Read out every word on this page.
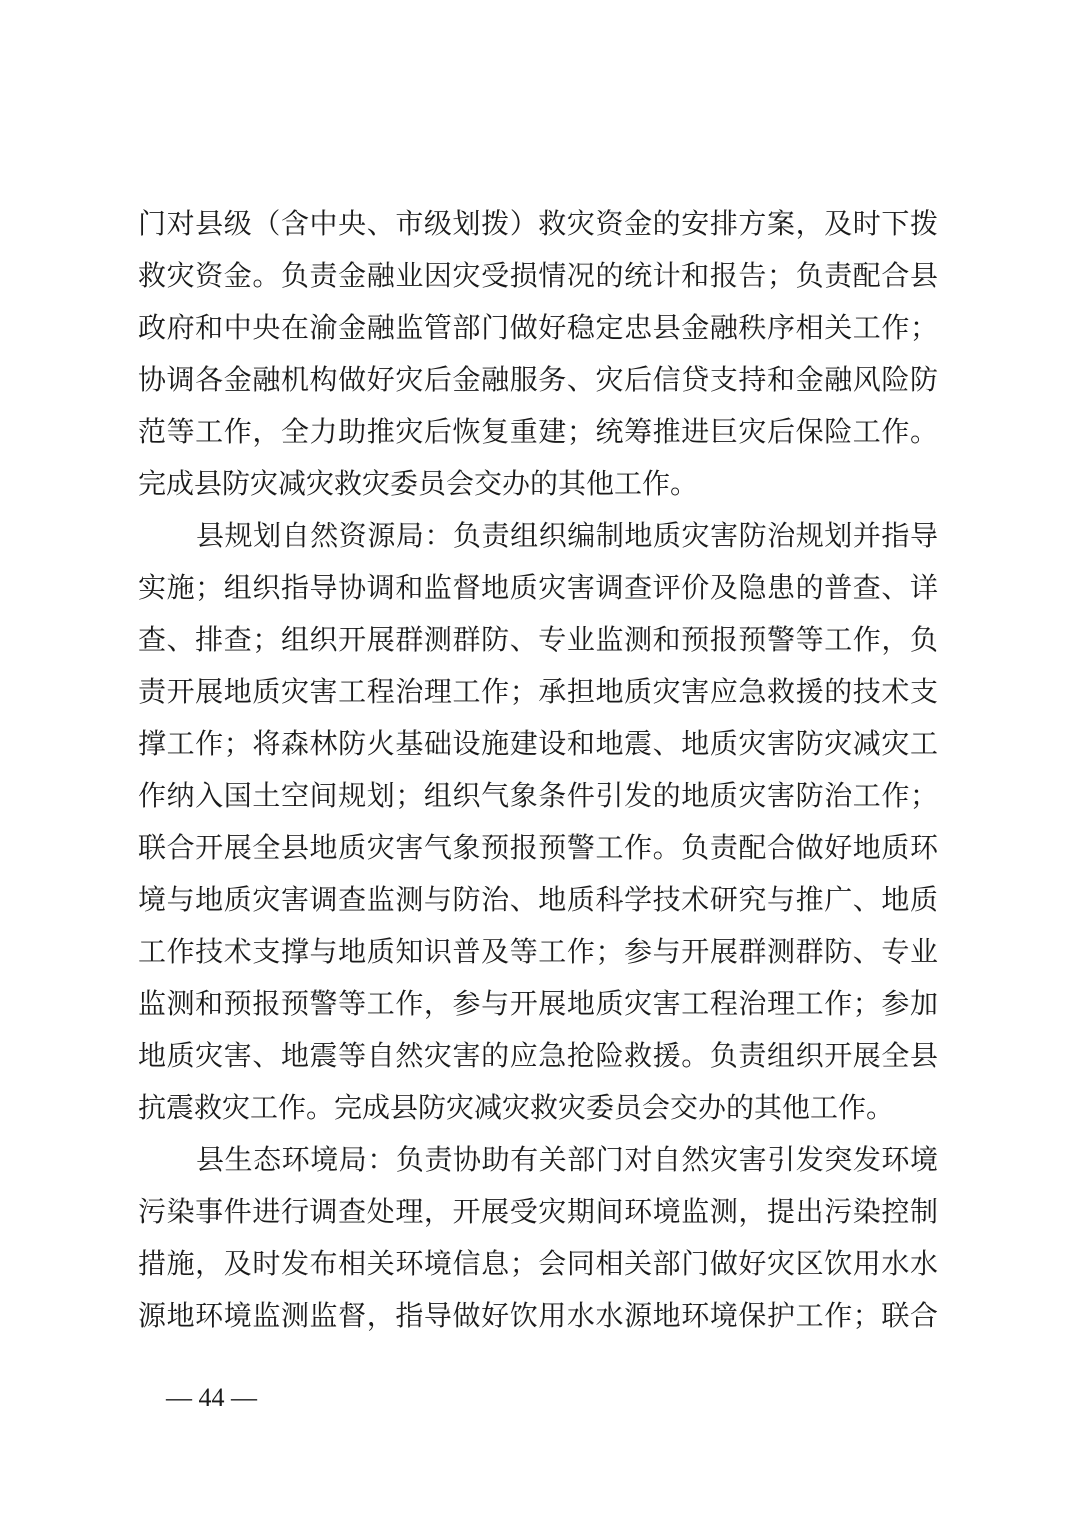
门对县级（含中央、市级划拨）救灾资金的安排方案，及时下拨
救灾资金。负责金融业因灾受损情况的统计和报告；负责配合县
政府和中央在渝金融监管部门做好稳定忠县金融秩序相关工作；
协调各金融机构做好灾后金融服务、灾后信贷支持和金融风险防
范等工作，全力助推灾后恢复重建；统筹推进巨灾后保险工作。
完成县防灾减灾救灾委员会交办的其他工作。
县规划自然资源局：负责组织编制地质灾害防治规划并指导
实施；组织指导协调和监督地质灾害调查评价及隐患的普查、详
查、排查；组织开展群测群防、专业监测和预报预警等工作，负
责开展地质灾害工程治理工作；承担地质灾害应急救援的技术支
撑工作；将森林防火基础设施建设和地震、地质灾害防灾减灾工
作纳入国土空间规划；组织气象条件引发的地质灾害防治工作；
联合开展全县地质灾害气象预报预警工作。负责配合做好地质环
境与地质灾害调查监测与防治、地质科学技术研究与推广、地质
工作技术支撑与地质知识普及等工作；参与开展群测群防、专业
监测和预报预警等工作，参与开展地质灾害工程治理工作；参加
地质灾害、地震等自然灾害的应急抢险救援。负责组织开展全县
抗震救灾工作。完成县防灾减灾救灾委员会交办的其他工作。
县生态环境局：负责协助有关部门对自然灾害引发突发环境
污染事件进行调查处理，开展受灾期间环境监测，提出污染控制
措施，及时发布相关环境信息；会同相关部门做好灾区饮用水水
源地环境监测监督，指导做好饮用水水源地环境保护工作；联合
— 44 —
